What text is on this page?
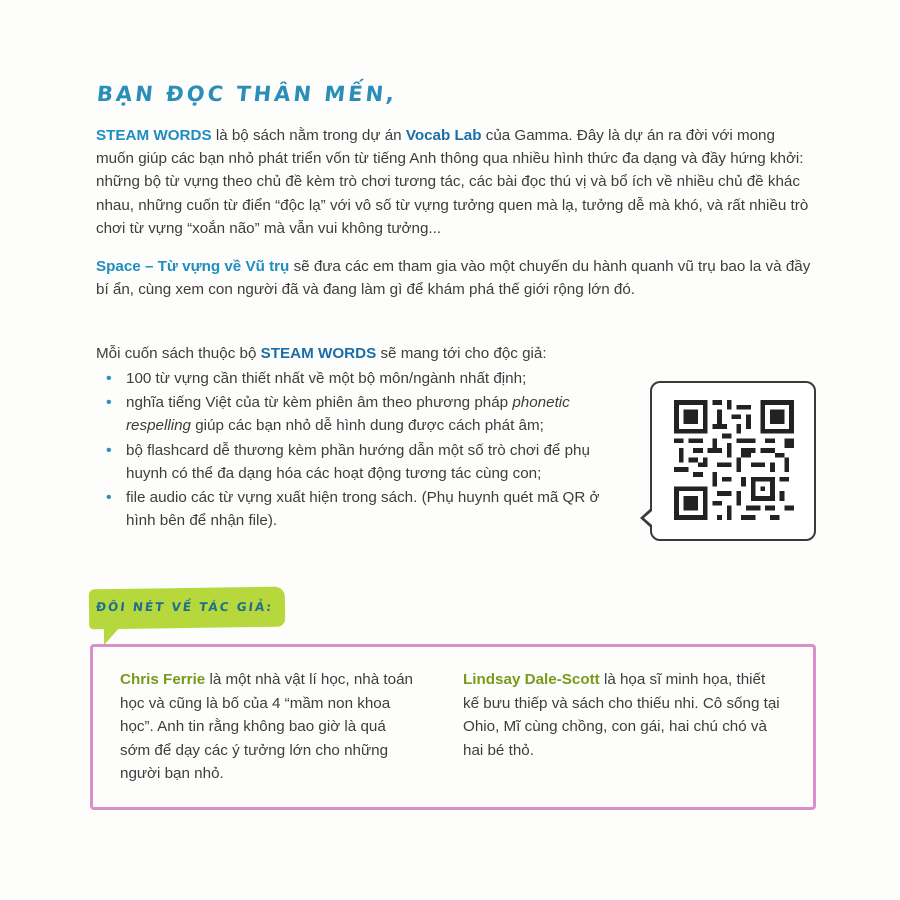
BẠN ĐỌC THÂN MẾN,
STEAM WORDS là bộ sách nằm trong dự án Vocab Lab của Gamma. Đây là dự án ra đời với mong muốn giúp các bạn nhỏ phát triển vốn từ tiếng Anh thông qua nhiều hình thức đa dạng và đầy hứng khởi: những bộ từ vựng theo chủ đề kèm trò chơi tương tác, các bài đọc thú vị và bổ ích về nhiều chủ đề khác nhau, những cuốn từ điển “độc lạ” với vô số từ vựng tưởng quen mà lạ, tưởng dễ mà khó, và rất nhiều trò chơi từ vựng “xoắn não” mà vẫn vui không tưởng...
Space – Từ vựng về Vũ trụ sẽ đưa các em tham gia vào một chuyến du hành quanh vũ trụ bao la và đầy bí ẩn, cùng xem con người đã và đang làm gì để khám phá thế giới rộng lớn đó.
Mỗi cuốn sách thuộc bộ STEAM WORDS sẽ mang tới cho độc giả:
• 100 từ vựng cần thiết nhất về một bộ môn/ngành nhất định;
• nghĩa tiếng Việt của từ kèm phiên âm theo phương pháp phonetic respelling giúp các bạn nhỏ dễ hình dung được cách phát âm;
• bộ flashcard dễ thương kèm phần hướng dẫn một số trò chơi để phụ huynh có thể đa dạng hóa các hoạt động tương tác cùng con;
• file audio các từ vựng xuất hiện trong sách. (Phụ huynh quét mã QR ở hình bên để nhận file).
ĐÔI NÉT VỀ TÁC GIẢ:
Chris Ferrie là một nhà vật lí học, nhà toán học và cũng là bố của 4 “mầm non khoa học”. Anh tin rằng không bao giờ là quá sớm để dạy các ý tưởng lớn cho những người bạn nhỏ.
Lindsay Dale-Scott là họa sĩ minh họa, thiết kế bưu thiếp và sách cho thiếu nhi. Cô sống tại Ohio, Mĩ cùng chồng, con gái, hai chú chó và hai bé thỏ.
